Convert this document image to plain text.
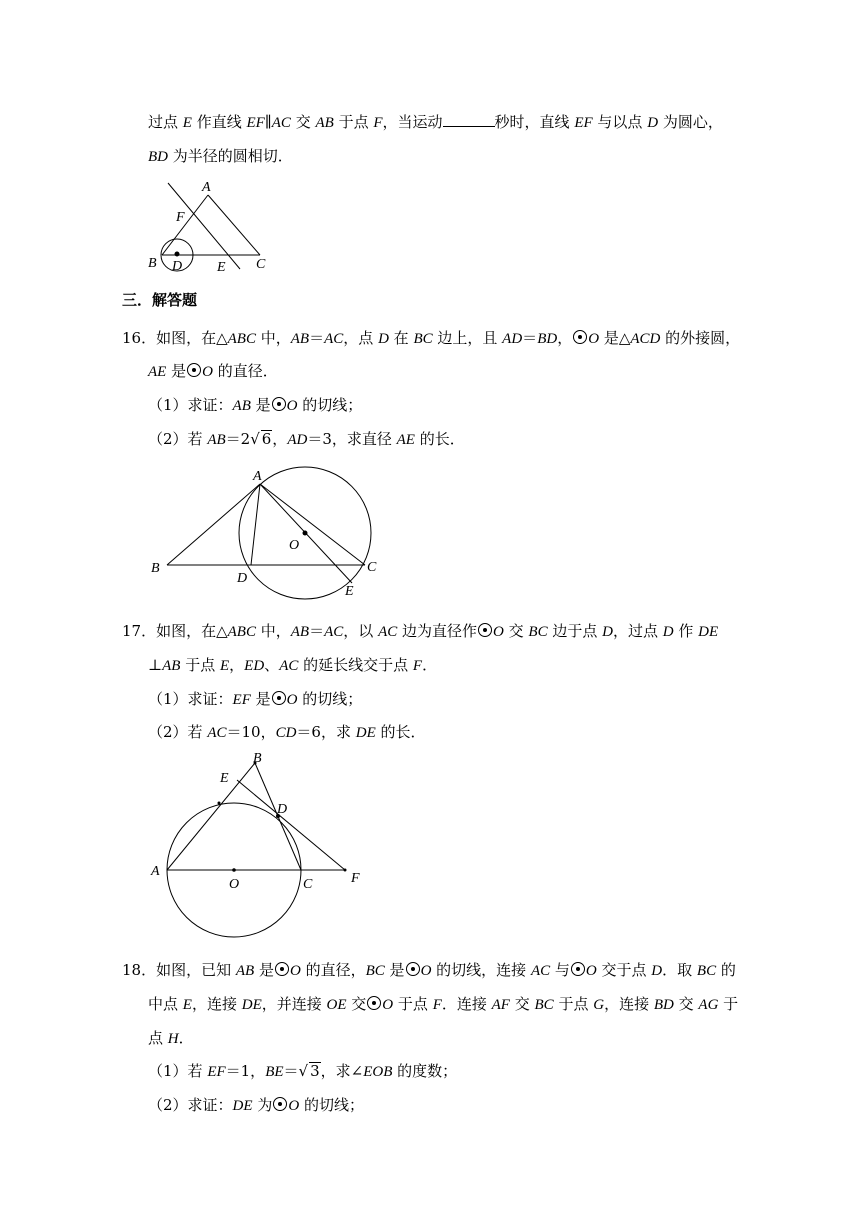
过点 E 作直线 EF∥AC 交 AB 于点 F，当运动	秒时，直线 EF 与以点 D 为圆心，
BD 为半径的圆相切．
A
F
B D E C
三．解答题
16．如图，在△ABC 中，AB＝AC，点 D 在 BC 边上，且 AD＝BD， O 是△ACD 的外接圆，
AE 是 O 的直径．
（1）求证：AB 是 O 的切线；
（2）若 AB＝2√ 6，AD＝3，求直径 AE 的长．
A
O
B
D
C
E
17．如图，在△ABC 中，AB＝AC，以 AC 边为直径作 O 交 BC 边于点 D，过点 D 作 DE
⊥AB 于点 E，ED、AC 的延长线交于点 F．
（1）求证：EF 是 O 的切线；
（2）若 AC＝10，CD＝6，求 DE 的长．
B
E
D
A
O	C	F
18．如图，已知 AB 是 O 的直径，BC 是 O 的切线，连接 AC 与 O 交于点 D．取 BC 的
中点 E，连接 DE，并连接 OE 交 O 于点 F．连接 AF 交 BC 于点 G，连接 BD 交 AG 于
点 H．
（1）若 EF＝1，BE＝√ 3，求∠EOB 的度数；
（2）求证：DE 为 O 的切线；
